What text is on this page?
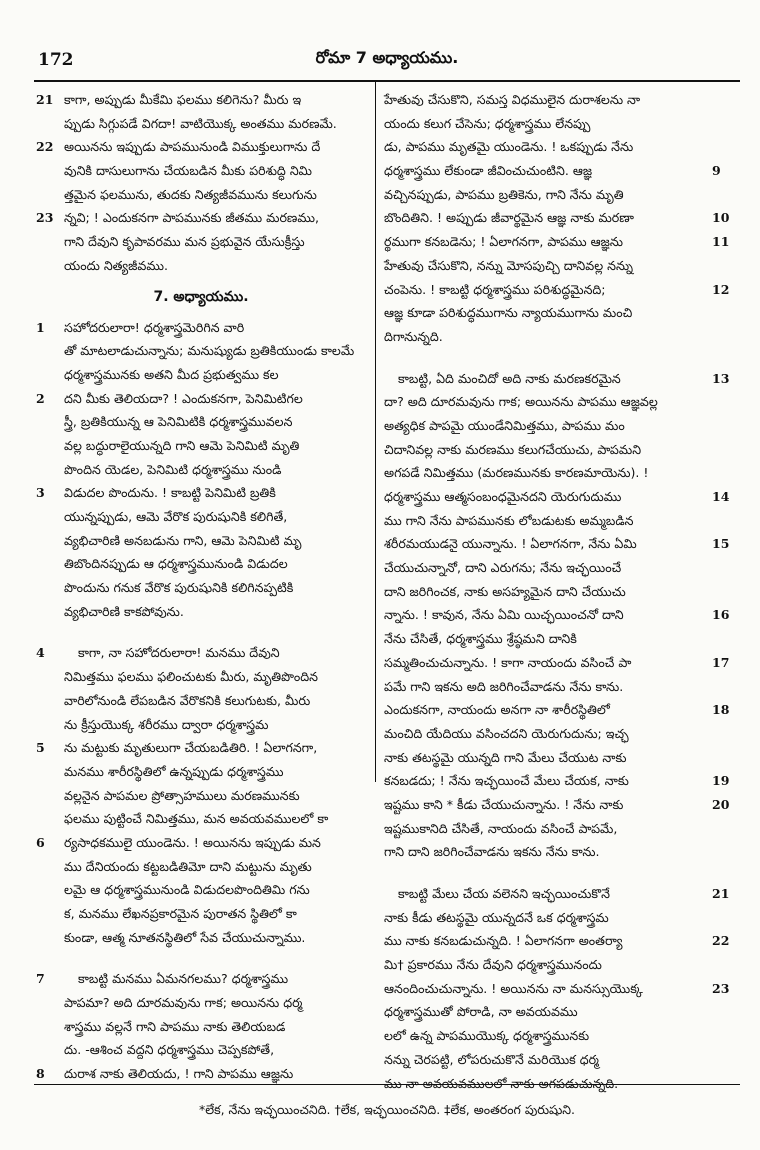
172	రోమా 7 అధ్యాయము.
21 కాగా, అప్పుడు మీకేమి ఫలము కలిగెను? మీరు ఇ
ప్పుడు సిగ్గుపడే విగదా! వాటియొక్క అంతము మరణమే.
22 అయినను ఇప్పుడు పాపమునుండి విముక్తులుగాను దే
వునికి దాసులుగాను చేయబడిన మీకు పరిశుద్ధి నిమి
త్తమైన ఫలమును, తుదకు నిత్యజీవమును కలుగును
23 న్నవి; ! ఎందుకనగా పాపమునకు జీతము మరణము,
గాని దేవుని కృపావరము మన ప్రభువైన యేసుక్రీస్తు
యందు నిత్యజీవము.
7. అధ్యాయము.
1	సహోదరులారా! ధర్మశాస్త్రమెరిగిన వారి
తో మాటలాడుచున్నాను; మనుష్యుడు బ్రతికియుండు కాలమే
ధర్మశాస్త్రమునకు అతని మీద ప్రభుత్వము కల
2	దని మీకు తెలియదా? ! ఎందుకనగా, పెనిమిటిగల
స్త్రీ, బ్రతికియున్న ఆ పెనిమిటికి ధర్మశాస్త్రమువలన
వల్ల బద్ధురాలైయున్నది గాని ఆమె పెనిమిటి మృతి
పొందిన యెడల, పెనిమిటి ధర్మశాస్త్రము నుండి
3	విడుదల పొందును. ! కాబట్టి పెనిమిటి బ్రతికి
యున్నప్పుడు, ఆమె వేరొక పురుషునికి కలిగితే,
వ్యభిచారిణి అనబడును గాని, ఆమె పెనిమిటి మృ
తిబొందినప్పుడు ఆ ధర్మశాస్త్రమునుండి విడుదల
పొందును గనుక వేరొక పురుషునికి కలిగినప్పటికి
వ్యభిచారిణి కాకపోవును.
4	కాగా, నా సహోదరులారా! మనము దేవుని
నిమిత్తము ఫలము ఫలించుటకు మీరు, మృతిపొందిన
వారిలోనుండి లేపబడిన వేరొకనికి కలుగుటకు, మీరు
ను క్రీస్తుయొక్క శరీరము ద్వారా ధర్మశాస్త్రమ
5	ను మట్టుకు మృతులుగా చేయబడితిరి. ! ఏలాగనగా,
మనము శారీరస్థితిలో ఉన్నప్పుడు ధర్మశాస్త్రము
వల్లనైన పాపమల ప్రోత్సాహములు మరణమునకు
ఫలము పుట్టించే నిమిత్తము, మన అవయవములలో కా
6	ర్యసాధకములై యుండెను. ! అయినను ఇప్పుడు మన
ము దేనియందు కట్టబడితిమో దాని మట్టును మృతు
లమై ఆ ధర్మశాస్త్రమునుండి విడుదలపొందితిమి గను
క, మనము లేఖనప్రకారమైన పురాతన స్థితిలో కా
కుండా, ఆత్మ నూతనస్థితిలో సేవ చేయుచున్నాము.
7	కాబట్టి మనము ఏమనగలము? ధర్మశాస్త్రము
పాపమా? అది దూరమవును గాక; అయినను ధర్మ
శాస్త్రము వల్లనే గాని పాపము నాకు తెలియబడ
దు. -ఆశించ వద్దని ధర్మశాస్త్రము చెప్పకపోతే,
8	దురాశ నాకు తెలియదు, ! గాని పాపము ఆజ్ఞను
హేతువు చేసుకొని, సమస్త విధములైన దురాశలను నా
యందు కలుగ చేసెను; ధర్మశాస్త్రము లేనప్పు
డు, పాపము మృతమై యుండెను. ! ఒకప్పుడు నేను
9
ధర్మశాస్త్రము లేకుండా జీవించుచుంటిని. ఆజ్ఞ
వచ్చినప్పుడు, పాపము బ్రతికెను, గాని నేను మృతి
10
బొందితిని. ! అప్పుడు జీవార్థమైన ఆజ్ఞ నాకు మరణా
11
ర్థముగా కనబడెను; ! ఏలాగనగా, పాపము ఆజ్ఞను
హేతువు చేసుకొని, నన్ను మోసపుచ్చి దానివల్ల నన్ను
12
చంపెను. ! కాబట్టి ధర్మశాస్త్రము పరిశుద్ధమైనది;
ఆజ్ఞ కూడా పరిశుద్ధముగాను న్యాయముగాను మంచి
దిగానున్నది.
13
కాబట్టి, ఏది మంచిదో అది నాకు మరణకరమైన
దా? అది దూరమవును గాక; అయినను పాపము ఆజ్ఞవల్ల
అత్యధిక పాపమై యుండేనిమిత్తము, పాపము మం
చిదానివల్ల నాకు మరణము కలుగచేయుచు, పాపమని
అగపడే నిమిత్తము (మరణమునకు కారణమాయెను). !
14
ధర్మశాస్త్రము ఆత్మసంబంధమైనదని యెరుగుదుము
ము గాని నేను పాపమునకు లోబడుటకు అమ్మబడిన
15
శరీరమయుడనై యున్నాను. ! ఏలాగనగా, నేను ఏమి
చేయుచున్నానో, దాని ఎరుగను; నేను ఇచ్ఛయించే
దాని జరిగించక, నాకు అసహ్యమైన దాని చేయుచు
16
న్నాను. ! కావున, నేను ఏమి యిచ్ఛయించనో దాని
నేను చేసితే, ధర్మశాస్త్రము శ్రేష్ఠమని దానికి
17
సమ్మతించుచున్నాను. ! కాగా నాయందు వసించే పా
పమే గాని ఇకను అది జరిగించేవాడను నేను కాను.
18
ఎందుకనగా, నాయందు అనగా నా శారీరస్థితిలో
మంచిది యేదియు వసించదని యెరుగుదును; ఇచ్ఛ
నాకు తటస్థమై యున్నది గాని మేలు చేయుట నాకు
19
కనబడదు; ! నేను ఇచ్ఛయించే మేలు చేయక, నాకు
20
ఇష్టము కాని * కీడు చేయుచున్నాను. ! నేను నాకు
ఇష్టముకానిది చేసితే, నాయందు వసించే పాపమే,
గాని దాని జరిగించేవాడను ఇకను నేను కాను.
21
కాబట్టి మేలు చేయ వలెనని ఇచ్ఛయించుకొనే
నాకు కీడు తటస్థమై యున్నదనే ఒక ధర్మశాస్త్రమ
22
ము నాకు కనబడుచున్నది. ! ఏలాగనగా అంతర్యా
మి† ప్రకారము నేను దేవుని ధర్మశాస్త్రమునందు
23
ఆనందించుచున్నాను. ! అయినను నా మనస్సుయొక్క
ధర్మశాస్త్రముతో పోరాడి, నా అవయవము
లలో ఉన్న పాపముయొక్క ధర్మశాస్త్రమునకు
నన్ను చెరపట్టి, లోపరుచుకొనే మరియొక ధర్మ
ము నా అవయవములలో నాకు అగపడుచున్నది.
*లేక, నేను ఇచ్ఛయించనిది. †లేక, ఇచ్ఛయించనిది. ‡లేక, అంతరంగ పురుషుని.
